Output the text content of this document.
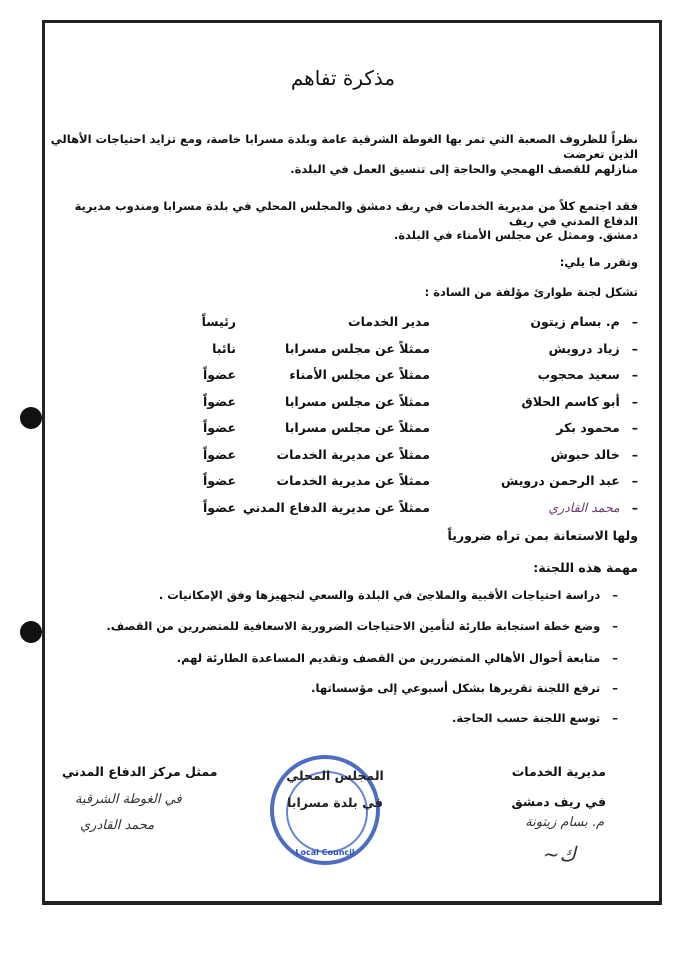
مذكرة تفاهم
نظراً للظروف الصعبة التي تمر بها الغوطة الشرقية عامة وبلدة مسرابا خاصة، ومع تزايد احتياجات الأهالي الذين تعرضت
منازلهم للقصف الهمجي والحاجة إلى تنسيق العمل في البلدة.
فقد اجتمع كلاً من مديرية الخدمات في ريف دمشق والمجلس المحلي في بلدة مسرابا ومندوب مديرية الدفاع المدني في ريف
دمشق. وممثل عن مجلس الأمناء في البلدة.
وتقرر ما يلي:
تشكل لجنة طوارئ مؤلفة من السادة :
–م. بسام زيتون
مدير الخدمات
رئيساً
–زياد درويش
ممثلاً عن مجلس مسرابا
نائبا
–سعيد محجوب
ممثلاً عن مجلس الأمناء
عضواً
–أبو كاسم الحلاق
ممثلاً عن مجلس مسرابا
عضواً
–محمود بكر
ممثلاً عن مجلس مسرابا
عضواً
–خالد حبوش
ممثلاً عن مديرية الخدمات
عضواً
–عبد الرحمن درويش
ممثلاً عن مديرية الخدمات
عضواً
–محمد القادري
ممثلاً عن مديرية الدفاع المدني
عضواً
ولها الاستعانة بمن تراه ضرورياً
مهمة هذه اللجنة:
–دراسة احتياجات الأقبية والملاجئ في البلدة والسعي لتجهيزها وفق الإمكانيات .
–وضع خطة استجابة طارئة لتأمين الاحتياجات الضرورية الاسعافية للمتضررين من القصف.
–متابعة أحوال الأهالي المتضررين من القصف وتقديم المساعدة الطارئة لهم.
–ترفع اللجنة تقريرها بشكل أسبوعي إلى مؤسساتها.
–توسع اللجنة حسب الحاجة.
مديرية الخدمات
في ريف دمشق
م. بسام زيتونة
ك~
المجلس المحلي
في بلدة مسرابا
Local Council
ممثل مركز الدفاع المدني
في الغوطة الشرقية
محمد القادري
